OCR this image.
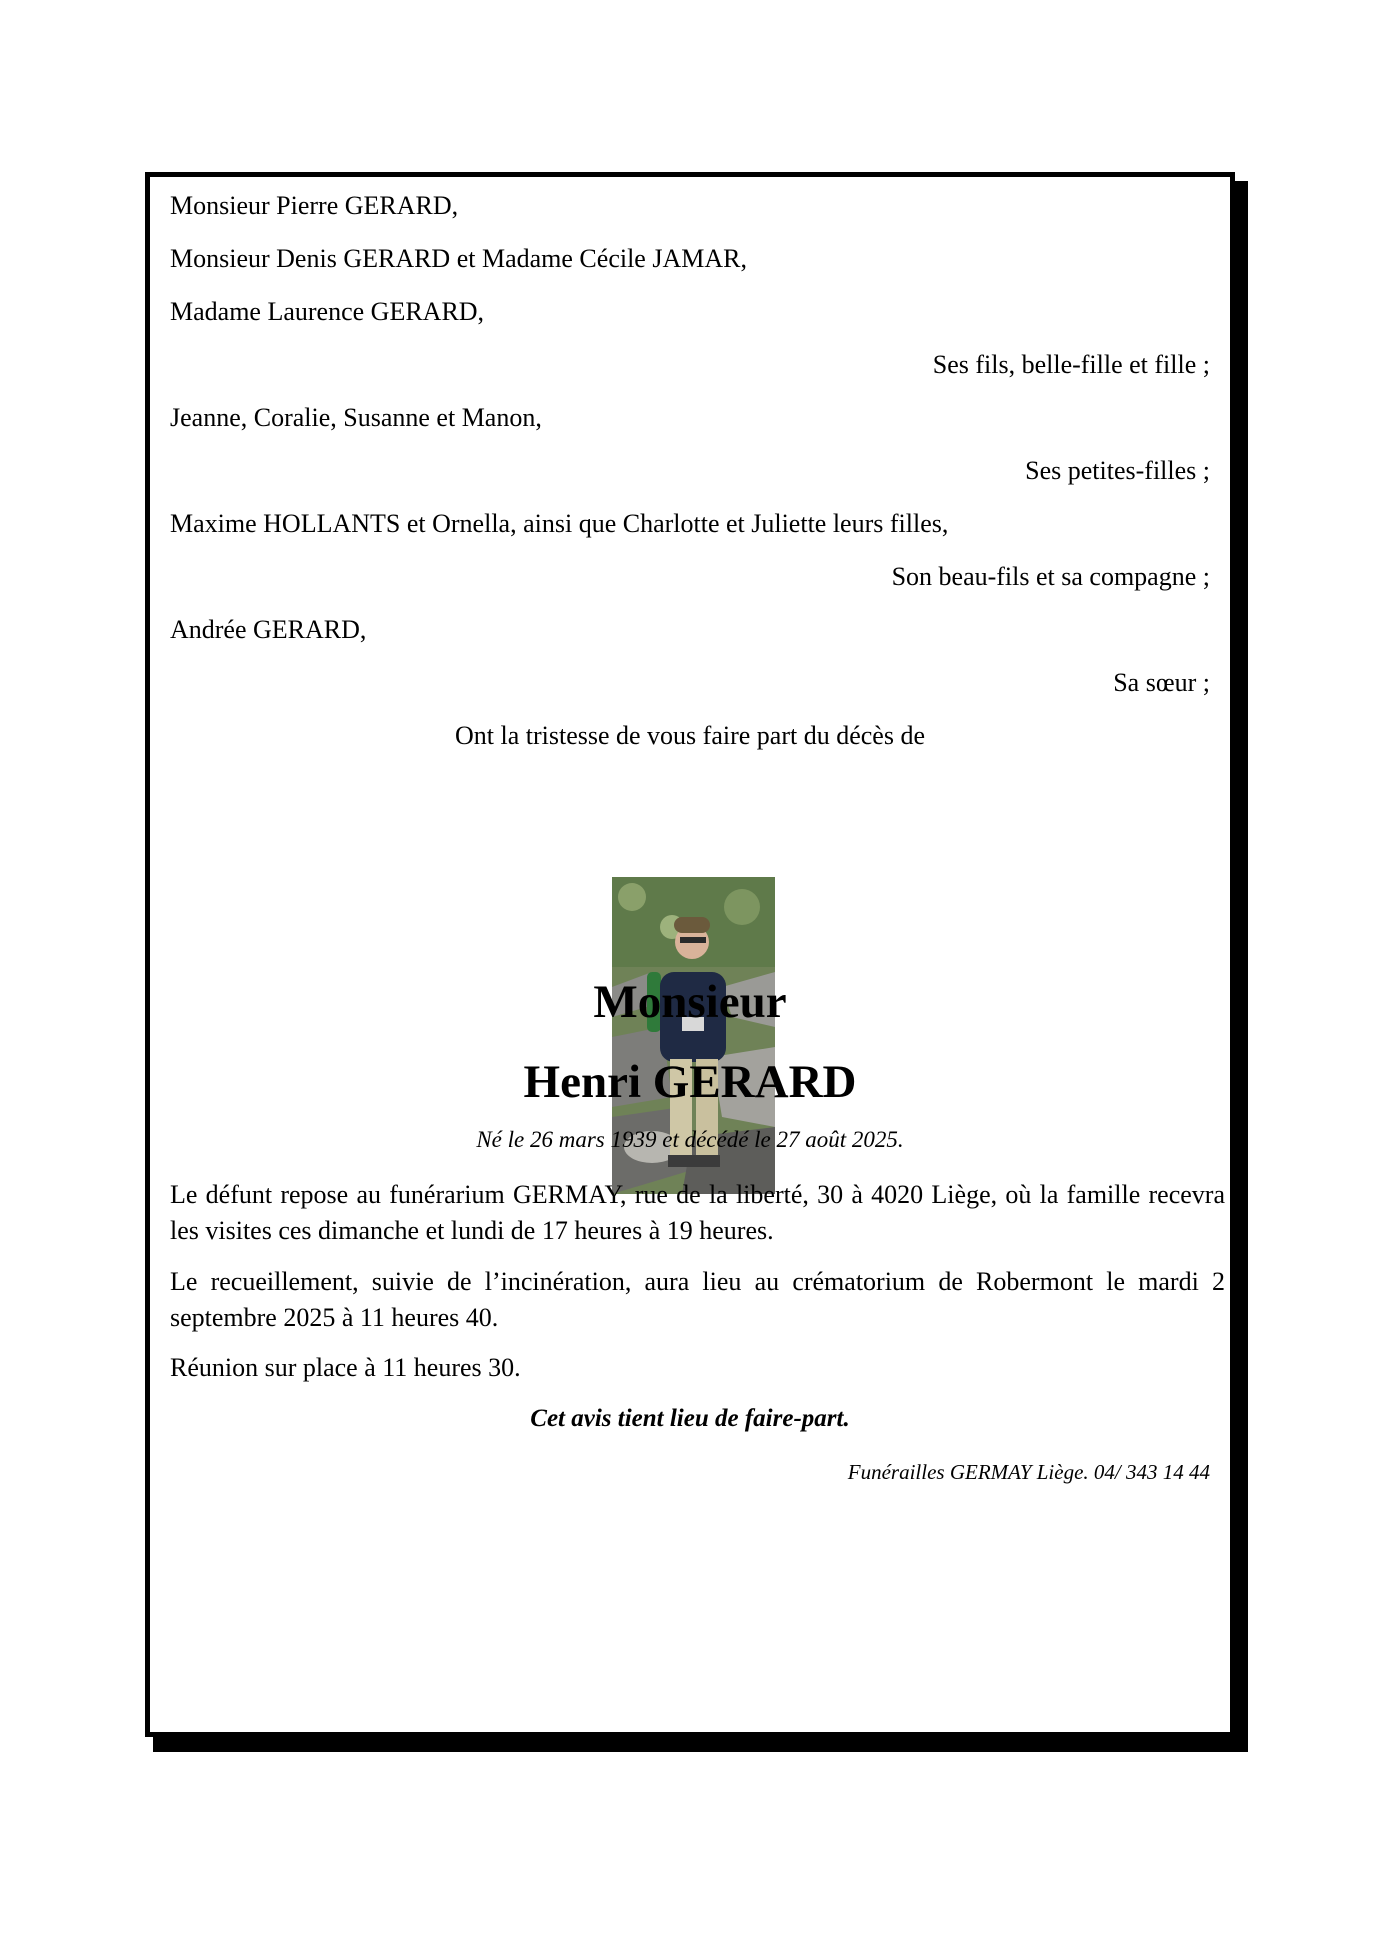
Monsieur Pierre GERARD,
Monsieur Denis GERARD et Madame Cécile JAMAR,
Madame Laurence GERARD,
Ses fils, belle-fille et fille ;
Jeanne, Coralie, Susanne et Manon,
Ses petites-filles ;
Maxime HOLLANTS et Ornella, ainsi que Charlotte et Juliette leurs filles,
Son beau-fils et sa compagne ;
Andrée GERARD,
Sa sœur ;
Ont la tristesse de vous faire part du décès de
Monsieur
Henri GERARD
Né le 26 mars 1939 et décédé le 27 août 2025.
Le défunt repose au funérarium GERMAY, rue de la liberté, 30 à 4020 Liège, où la famille recevra les visites ces dimanche et lundi de 17 heures à 19 heures.
Le recueillement, suivie de l’incinération, aura lieu au crématorium de Robermont le mardi 2 septembre 2025 à 11 heures 40.
Réunion sur place à 11 heures 30.
Cet avis tient lieu de faire-part.
Funérailles GERMAY Liège. 04/ 343 14 44
